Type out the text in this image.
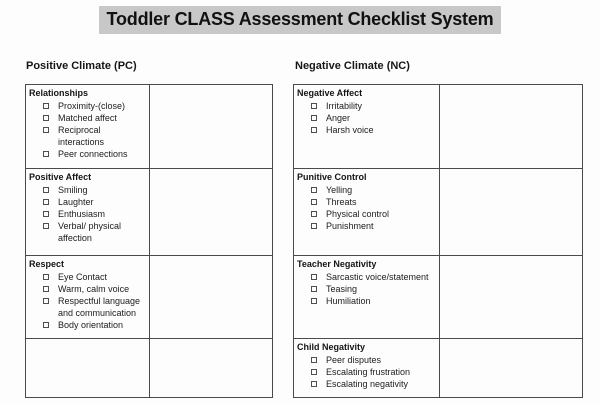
Toddler CLASS Assessment Checklist System
Positive Climate (PC)	Negative Climate (NC)
Relationships
Proximity-(close)
Matched affect
Reciprocal interactions
Peer connections
Positive Affect
Smiling
Laughter
Enthusiasm
Verbal/ physical affection
Respect
Eye Contact
Warm, calm voice
Respectful language and communication
Body orientation
Negative Affect
Irritability
Anger
Harsh voice
Punitive Control
Yelling
Threats
Physical control
Punishment
Teacher Negativity
Sarcastic voice/statement
Teasing
Humiliation
Child Negativity
Peer disputes
Escalating frustration
Escalating negativity
